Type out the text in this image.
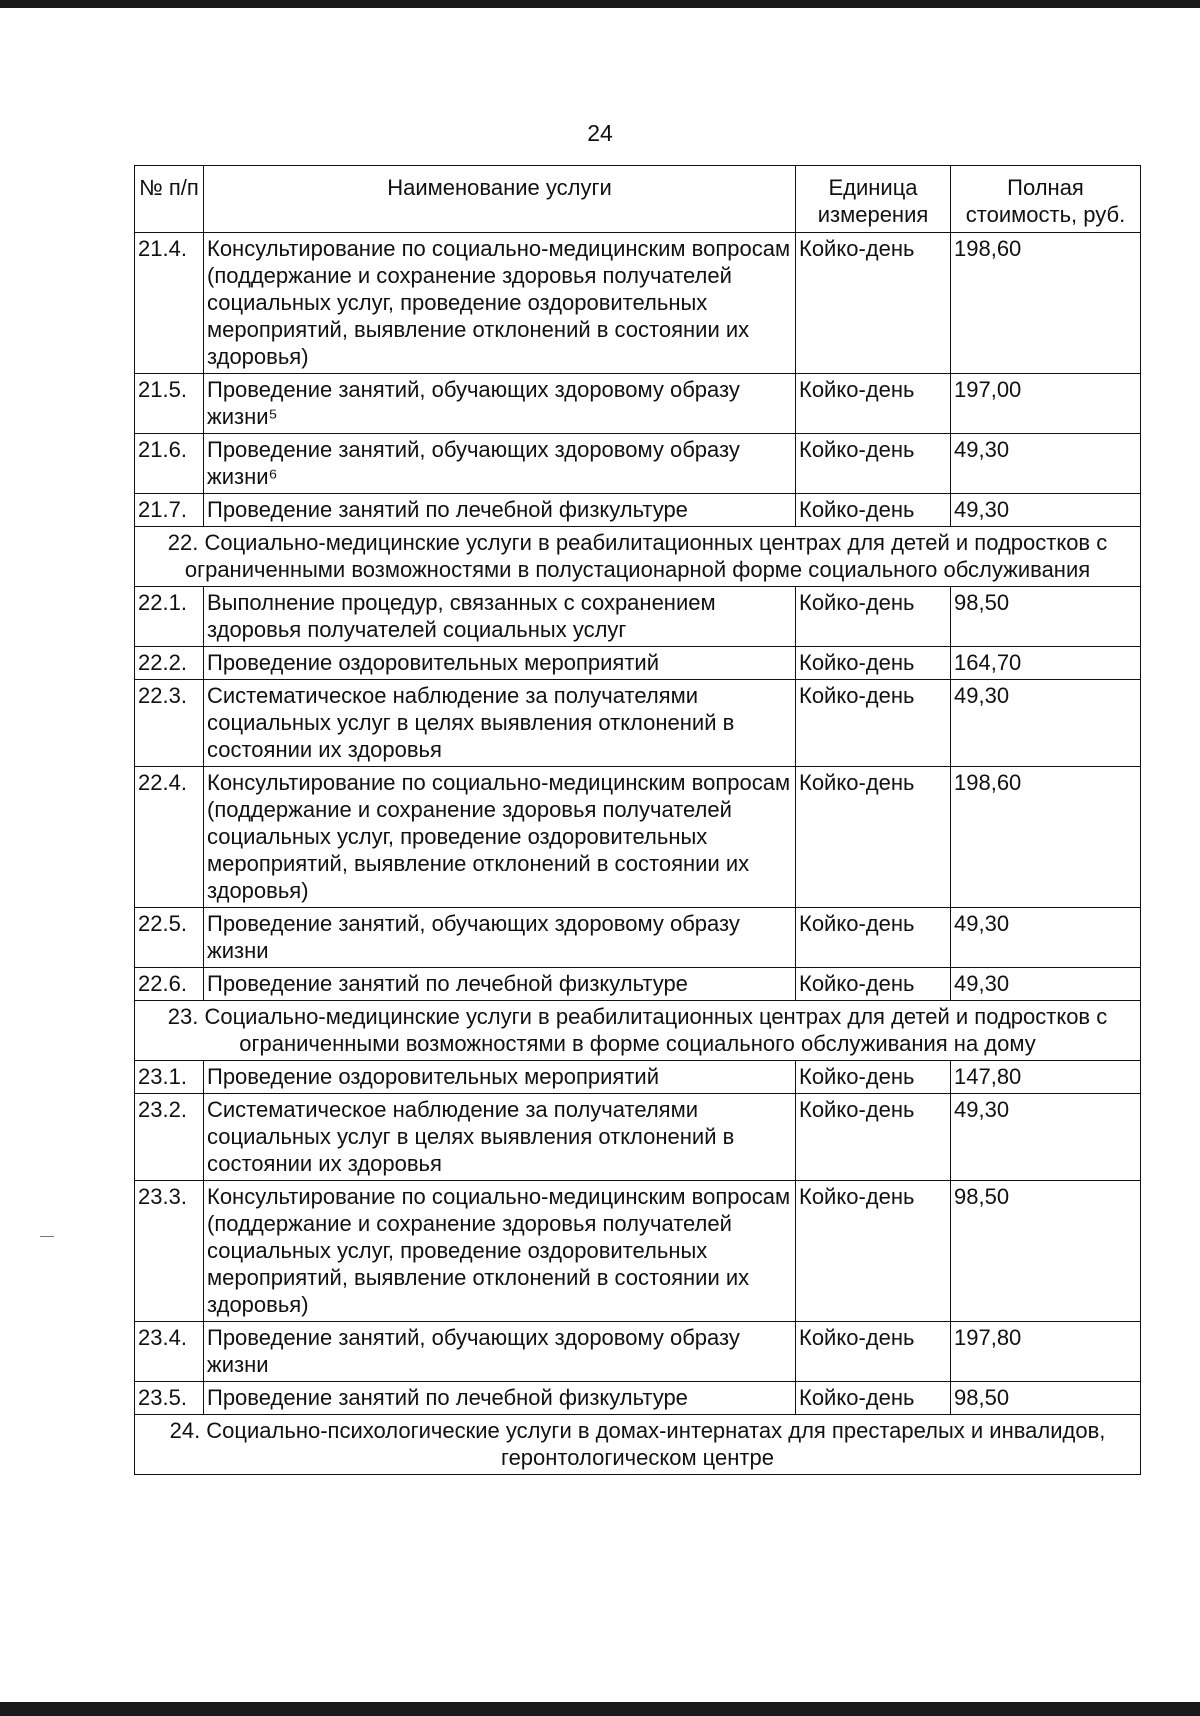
24
№ п/п	Наименование услуги	Единица измерения	Полная стоимость, руб.
21.4.	Консультирование по социально-медицинским вопросам (поддержание и сохранение здоровья получателей социальных услуг, проведение оздоровительных мероприятий, выявление отклонений в состоянии их здоровья)	Койко-день	198,60
21.5.	Проведение занятий, обучающих здоровому образу жизни⁵	Койко-день	197,00
21.6.	Проведение занятий, обучающих здоровому образу жизни⁶	Койко-день	49,30
21.7.	Проведение занятий по лечебной физкультуре	Койко-день	49,30
22. Социально-медицинские услуги в реабилитационных центрах для детей и подростков с ограниченными возможностями в полустационарной форме социального обслуживания			
22.1.	Выполнение процедур, связанных с сохранением здоровья получателей социальных услуг	Койко-день	98,50
22.2.	Проведение оздоровительных мероприятий	Койко-день	164,70
22.3.	Систематическое наблюдение за получателями социальных услуг в целях выявления отклонений в состоянии их здоровья	Койко-день	49,30
22.4.	Консультирование по социально-медицинским вопросам (поддержание и сохранение здоровья получателей социальных услуг, проведение оздоровительных мероприятий, выявление отклонений в состоянии их здоровья)	Койко-день	198,60
22.5.	Проведение занятий, обучающих здоровому образу жизни	Койко-день	49,30
22.6.	Проведение занятий по лечебной физкультуре	Койко-день	49,30
23. Социально-медицинские услуги в реабилитационных центрах для детей и подростков с ограниченными возможностями в форме социального обслуживания на дому			
23.1.	Проведение оздоровительных мероприятий	Койко-день	147,80
23.2.	Систематическое наблюдение за получателями социальных услуг в целях выявления отклонений в состоянии их здоровья	Койко-день	49,30
23.3.	Консультирование по социально-медицинским вопросам (поддержание и сохранение здоровья получателей социальных услуг, проведение оздоровительных мероприятий, выявление отклонений в состоянии их здоровья)	Койко-день	98,50
23.4.	Проведение занятий, обучающих здоровому образу жизни	Койко-день	197,80
23.5.	Проведение занятий по лечебной физкультуре	Койко-день	98,50
24. Социально-психологические услуги в домах-интернатах для престарелых и инвалидов, геронтологическом центре			
